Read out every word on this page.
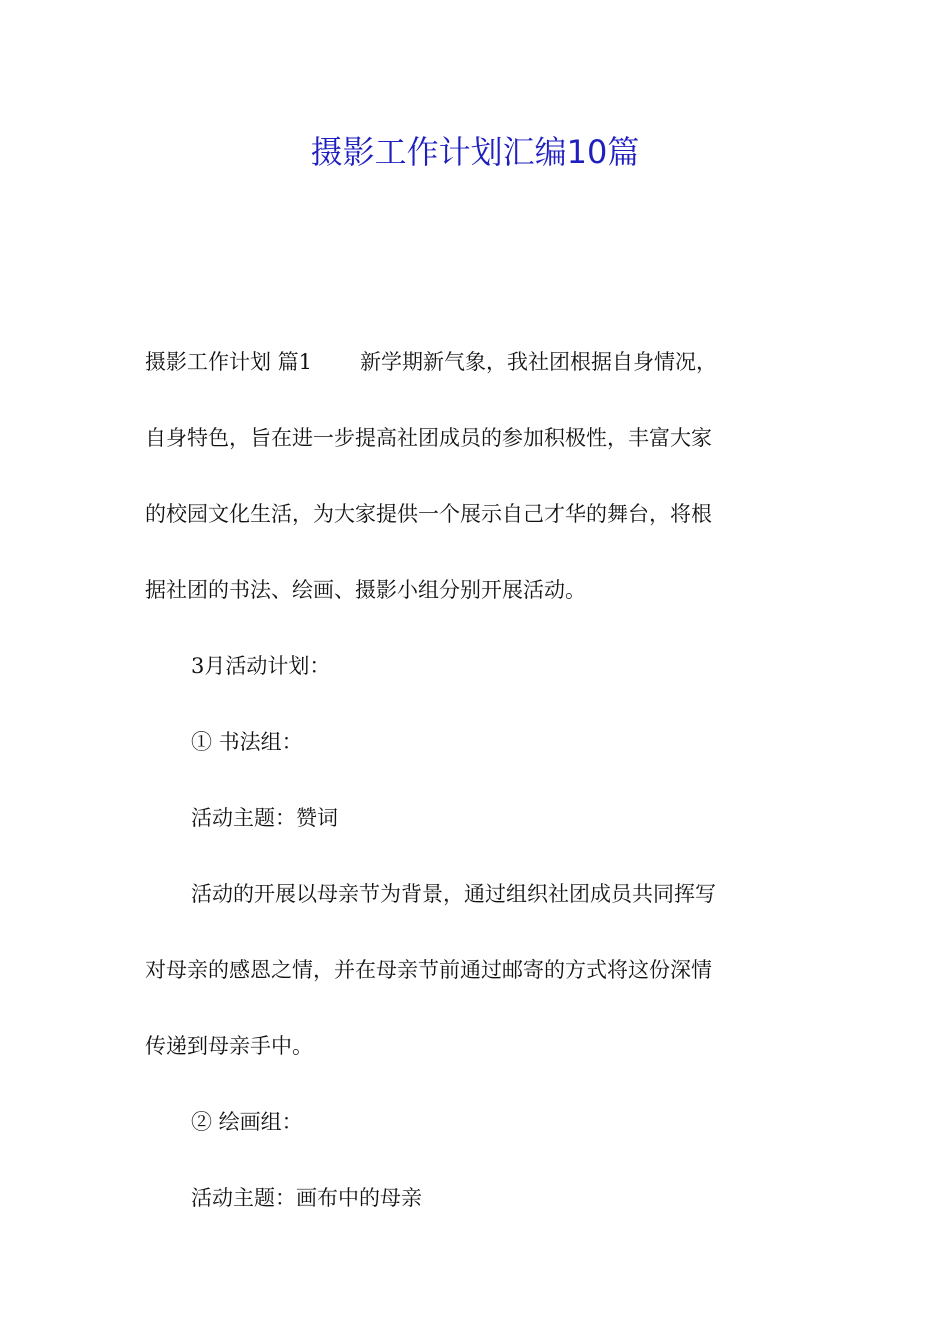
摄影工作计划汇编10篇
摄影工作计划 篇1 新学期新气象，我社团根据自身情况，
自身特色，旨在进一步提高社团成员的参加积极性，丰富大家
的校园文化生活，为大家提供一个展示自己才华的舞台，将根
据社团的书法、绘画、摄影小组分别开展活动。
3月活动计划：
① 书法组：
活动主题：赞词
活动的开展以母亲节为背景，通过组织社团成员共同挥写
对母亲的感恩之情，并在母亲节前通过邮寄的方式将这份深情
传递到母亲手中。
② 绘画组：
活动主题：画布中的母亲
